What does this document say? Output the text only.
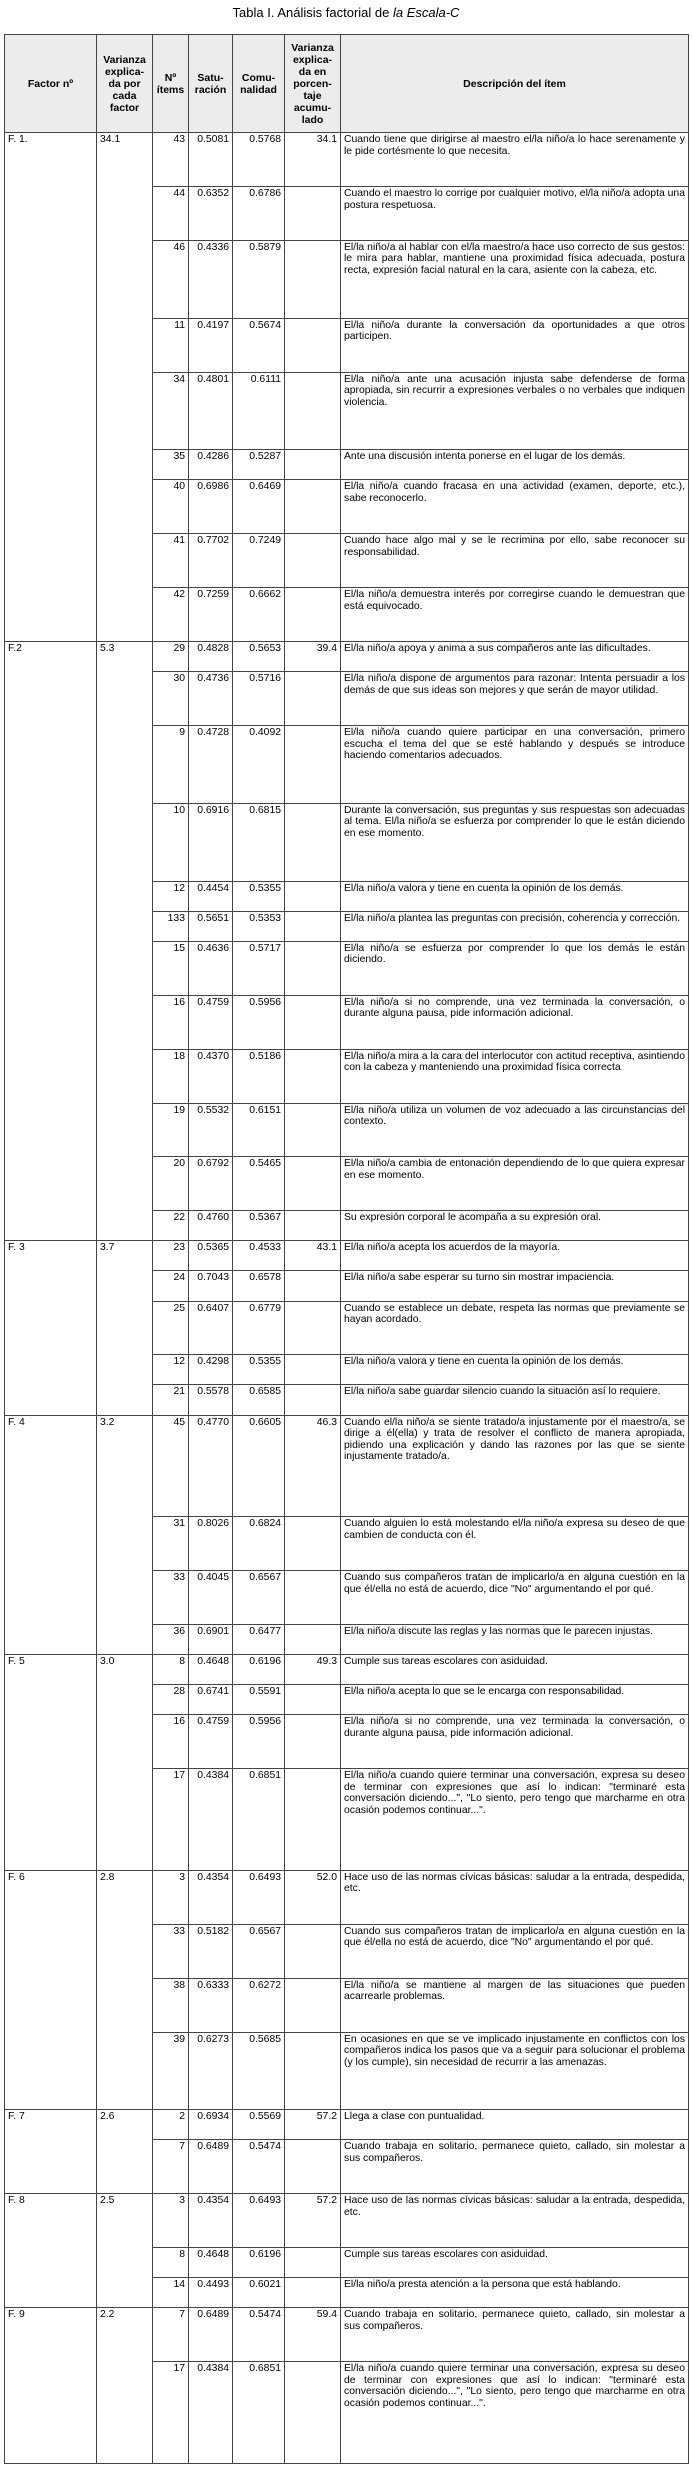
Tabla I. Análisis factorial de la Escala-C
Factor nº	Varianza explica-da por cada factor	Nº ítems	Satu-ración	Comu-nalidad	Varianza explica-da en porcen-taje acumu-lado	Descripción del ítem
F. 1.	34.1	43	0.5081	0.5768	34.1	Cuando tiene que dirigirse al maestro el/la niño/a lo hace serenamente y le pide cortésmente lo que necesita.
		44	0.6352	0.6786		Cuando el maestro lo corrige por cualquier motivo, el/la niño/a adopta una postura respetuosa.
		46	0.4336	0.5879		El/la niño/a al hablar con el/la maestro/a hace uso correcto de sus gestos: le mira para hablar, mantiene una proximidad física adecuada, postura recta, expresión facial natural en la cara, asiente con la cabeza, etc.
		11	0.4197	0.5674		El/la niño/a durante la conversación da oportunidades a que otros participen.
		34	0.4801	0.6111		El/la niño/a ante una acusación injusta sabe defenderse de forma apropiada, sin recurrir a expresiones verbales o no verbales que indiquen violencia.
		35	0.4286	0.5287		Ante una discusión intenta ponerse en el lugar de los demás.
		40	0.6986	0.6469		El/la niño/a cuando fracasa en una actividad (examen, deporte, etc.), sabe reconocerlo.
		41	0.7702	0.7249		Cuando hace algo mal y se le recrimina por ello, sabe reconocer su responsabilidad.
		42	0.7259	0.6662		El/la niño/a demuestra interés por corregirse cuando le demuestran que está equivocado.
F.2	5.3	29	0.4828	0.5653	39.4	El/la niño/a apoya y anima a sus compañeros ante las dificultades.
		30	0.4736	0.5716		El/la niño/a dispone de argumentos para razonar: Intenta persuadir a los demás de que sus ideas son mejores y que serán de mayor utilidad.
		9	0.4728	0.4092		El/la niño/a cuando quiere participar en una conversación, primero escucha el tema del que se esté hablando y después se introduce haciendo comentarios adecuados.
		10	0.6916	0.6815		Durante la conversación, sus preguntas y sus respuestas son adecuadas al tema. El/la niño/a se esfuerza por comprender lo que le están diciendo en ese momento.
		12	0.4454	0.5355		El/la niño/a valora y tiene en cuenta la opinión de los demás.
		133	0.5651	0.5353		El/la niño/a plantea las preguntas con precisión, coherencia y corrección.
		15	0.4636	0.5717		El/la niño/a se esfuerza por comprender lo que los demás le están diciendo.
		16	0.4759	0.5956		El/la niño/a si no comprende, una vez terminada la conversación, o durante alguna pausa, pide información adicional.
		18	0.4370	0.5186		El/la niño/a mira a la cara del interlocutor con actitud receptiva, asintiendo con la cabeza y manteniendo una proximidad física correcta
		19	0.5532	0.6151		El/la niño/a utiliza un volumen de voz adecuado a las circunstancias del contexto.
		20	0.6792	0.5465		El/la niño/a cambia de entonación dependiendo de lo que quiera expresar en ese momento.
		22	0.4760	0.5367		Su expresión corporal le acompaña a su expresión oral.
F. 3	3.7	23	0.5365	0.4533	43.1	El/la niño/a acepta los acuerdos de la mayoría.
		24	0.7043	0.6578		El/la niño/a sabe esperar su turno sin mostrar impaciencia.
		25	0.6407	0.6779		Cuando se establece un debate, respeta las normas que previamente se hayan acordado.
		12	0.4298	0.5355		El/la niño/a valora y tiene en cuenta la opinión de los demás.
		21	0.5578	0.6585		El/la niño/a sabe guardar silencio cuando la situación así lo requiere.
F. 4	3.2	45	0.4770	0.6605	46.3	Cuando el/la niño/a se siente tratado/a injustamente por el maestro/a, se dirige a él(ella) y trata de resolver el conflicto de manera apropiada, pidiendo una explicación y dando las razones por las que se siente injustamente tratado/a.
		31	0.8026	0.6824		Cuando alguien lo está molestando el/la niño/a expresa su deseo de que cambien de conducta con él.
		33	0.4045	0.6567		Cuando sus compañeros tratan de implicarlo/a en alguna cuestión en la que él/ella no está de acuerdo, dice "No" argumentando el por qué.
		36	0.6901	0.6477		El/la niño/a discute las reglas y las normas que le parecen injustas.
F. 5	3.0	8	0.4648	0.6196	49.3	Cumple sus tareas escolares con asiduidad.
		28	0.6741	0.5591		El/la niño/a acepta lo que se le encarga con responsabilidad.
		16	0.4759	0.5956		El/la niño/a si no comprende, una vez terminada la conversación, o durante alguna pausa, pide información adicional.
		17	0.4384	0.6851		El/la niño/a cuando quiere terminar una conversación, expresa su deseo de terminar con expresiones que así lo indican: "terminaré esta conversación diciendo...", "Lo siento, pero tengo que marcharme en otra ocasión podemos continuar...".
F. 6	2.8	3	0.4354	0.6493	52.0	Hace uso de las normas cívicas básicas: saludar a la entrada, despedida, etc.
		33	0.5182	0.6567		Cuando sus compañeros tratan de implicarlo/a en alguna cuestión en la que él/ella no está de acuerdo, dice "No" argumentando el por qué.
		38	0.6333	0.6272		El/la niño/a se mantiene al margen de las situaciones que pueden acarrearle problemas.
		39	0.6273	0.5685		En ocasiones en que se ve implicado injustamente en conflictos con los compañeros indica los pasos que va a seguir para solucionar el problema (y los cumple), sin necesidad de recurrir a las amenazas.
F. 7	2.6	2	0.6934	0.5569	57.2	Llega a clase con puntualidad.
		7	0.6489	0.5474		Cuando trabaja en solitario, permanece quieto, callado, sin molestar a sus compañeros.
F. 8	2.5	3	0.4354	0.6493	57.2	Hace uso de las normas cívicas básicas: saludar a la entrada, despedida, etc.
		8	0.4648	0.6196		Cumple sus tareas escolares con asiduidad.
		14	0.4493	0.6021		El/la niño/a presta atención a la persona que está hablando.
F. 9	2.2	7	0.6489	0.5474	59.4	Cuando trabaja en solitario, permanece quieto, callado, sin molestar a sus compañeros.
		17	0.4384	0.6851		El/la niño/a cuando quiere terminar una conversación, expresa su deseo de terminar con expresiones que así lo indican: "terminaré esta conversación diciendo...", "Lo siento, pero tengo que marcharme en otra ocasión podemos continuar...".
